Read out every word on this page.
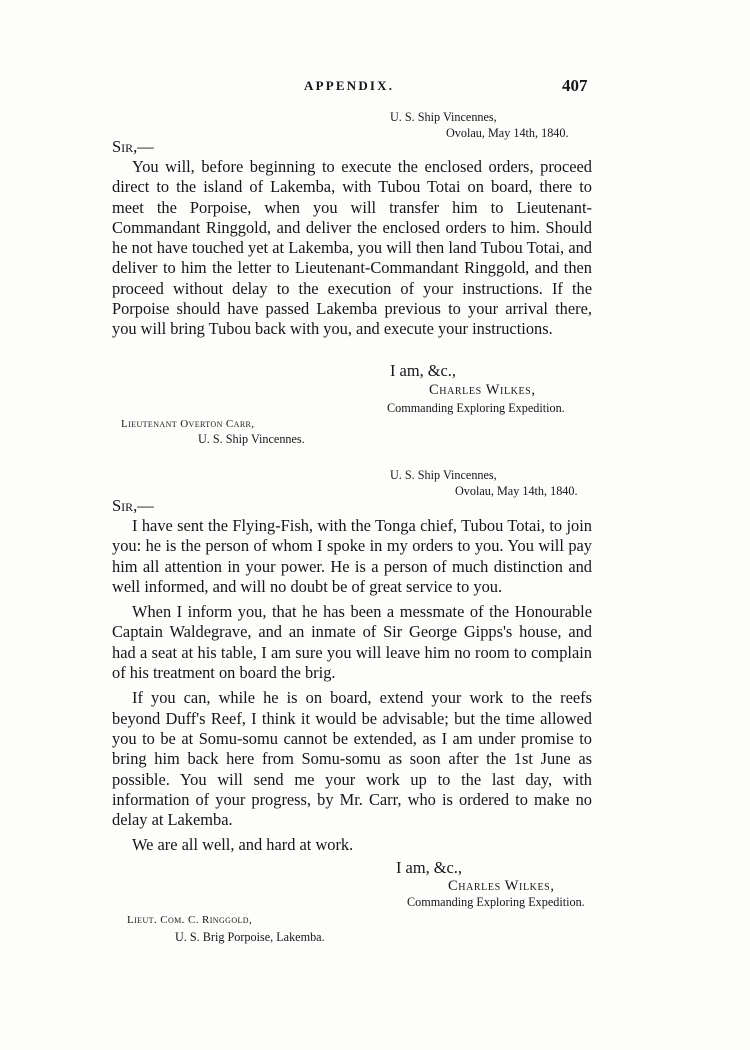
APPENDIX.	407
U. S. Ship Vincennes,
Ovolau, May 14th, 1840.
Sir,—

You will, before beginning to execute the enclosed orders, proceed direct to the island of Lakemba, with Tubou Totai on board, there to meet the Porpoise, when you will transfer him to Lieutenant-Commandant Ringgold, and deliver the enclosed orders to him. Should he not have touched yet at Lakemba, you will then land Tubou Totai, and deliver to him the letter to Lieutenant-Commandant Ringgold, and then proceed without delay to the execution of your instructions. If the Porpoise should have passed Lakemba previous to your arrival there, you will bring Tubou back with you, and execute your instructions.

I am, &c.,
Charles Wilkes,
Commanding Exploring Expedition.
Lieutenant Overton Carr,
U. S. Ship Vincennes.
U. S. Ship Vincennes,
Ovolau, May 14th, 1840.
Sir,—

I have sent the Flying-Fish, with the Tonga chief, Tubou Totai, to join you: he is the person of whom I spoke in my orders to you. You will pay him all attention in your power. He is a person of much distinction and well informed, and will no doubt be of great service to you.

When I inform you, that he has been a messmate of the Honourable Captain Waldegrave, and an inmate of Sir George Gipps's house, and had a seat at his table, I am sure you will leave him no room to complain of his treatment on board the brig.

If you can, while he is on board, extend your work to the reefs beyond Duff's Reef, I think it would be advisable; but the time allowed you to be at Somu-somu cannot be extended, as I am under promise to bring him back here from Somu-somu as soon after the 1st June as possible. You will send me your work up to the last day, with information of your progress, by Mr. Carr, who is ordered to make no delay at Lakemba.

We are all well, and hard at work.

I am, &c.,
Charles Wilkes,
Commanding Exploring Expedition.
Lieut. Com. C. Ringgold,
U. S. Brig Porpoise, Lakemba.
